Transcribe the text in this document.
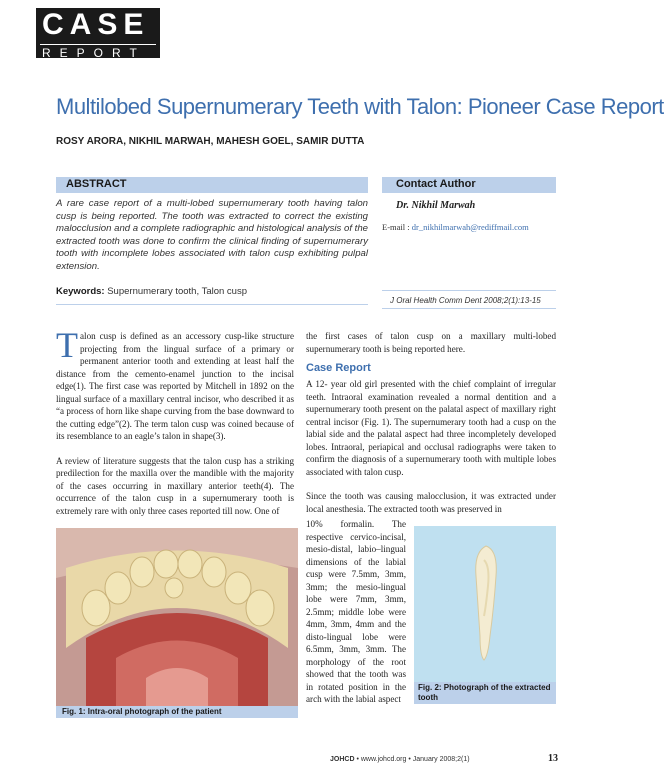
CASE
REPORT
Multilobed Supernumerary Teeth with Talon: Pioneer Case Report
ROSY ARORA, NIKHIL MARWAH, MAHESH GOEL, SAMIR DUTTA
ABSTRACT
A rare case report of a multi-lobed supernumerary tooth having talon cusp is being reported. The tooth was extracted to correct the existing malocclusion and a complete radiographic and histological analysis of the extracted tooth was done to confirm the clinical finding of supernumerary tooth with incomplete lobes associated with talon cusp exhibiting pulpal extension.
Contact Author
Dr. Nikhil Marwah
E-mail : dr_nikhilmarwah@rediffmail.com
Keywords: Supernumerary tooth, Talon cusp
J Oral Health Comm Dent 2008;2(1):13-15

Talon cusp is defined as an accessory cusp-like structure projecting from the lingual surface of a primary or permanent anterior tooth and extending at least half the distance from the cemento-enamel junction to the incisal edge(1). The first case was reported by Mitchell in 1892 on the lingual surface of a maxillary central incisor, who described it as “a process of horn like shape curving from the base downward to the cutting edge”(2). The term talon cusp was coined because of its resemblance to an eagle’s talon in shape(3).

A review of literature suggests that the talon cusp has a striking predilection for the maxilla over the mandible with the majority of the cases occurring in maxillary anterior teeth(4). The occurrence of the talon cusp in a supernumerary tooth is extremely rare with only three cases reported till now. One of

the first cases of talon cusp on a maxillary multi-lobed supernumerary tooth is being reported here.

Case Report

A 12- year old girl presented with the chief complaint of irregular teeth. Intraoral examination revealed a normal dentition and a supernumerary tooth present on the palatal aspect of maxillary right central incisor (Fig. 1). The supernumerary tooth had a cusp on the labial side and the palatal aspect had three incompletely developed lobes. Intraoral, periapical and occlusal radiographs were taken to confirm the diagnosis of a supernumerary tooth with multiple lobes associated with talon cusp.

Since the tooth was causing malocclusion, it was extracted under local anesthesia. The extracted tooth was preserved in

10% formalin. The respective cervico-incisal, mesio-distal, labio–lingual dimensions of the labial cusp were 7.5mm, 3mm, 3mm; the mesio-lingual lobe were 7mm, 3mm, 2.5mm; middle lobe were 4mm, 3mm, 4mm and the disto-lingual lobe were 6.5mm, 3mm, 3mm. The morphology of the root showed that the tooth was in rotated position in the arch with the labial aspect
Fig. 1: Intra-oral photograph of the patient
Fig. 2: Photograph of the extracted tooth
JOHCD • www.johcd.org • January 2008;2(1)	13
